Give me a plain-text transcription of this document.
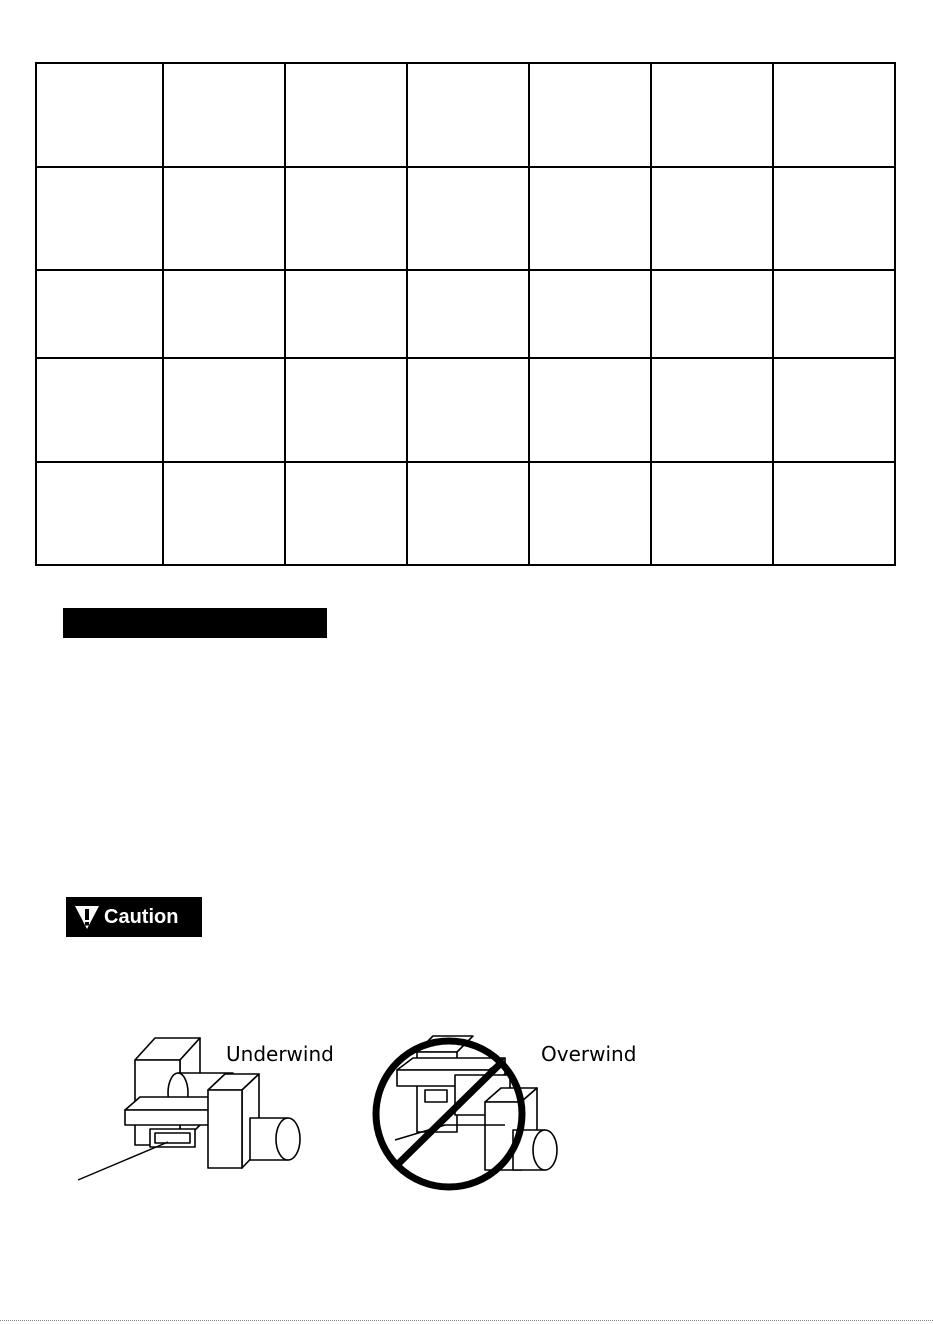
Caution
Underwind	Overwind
